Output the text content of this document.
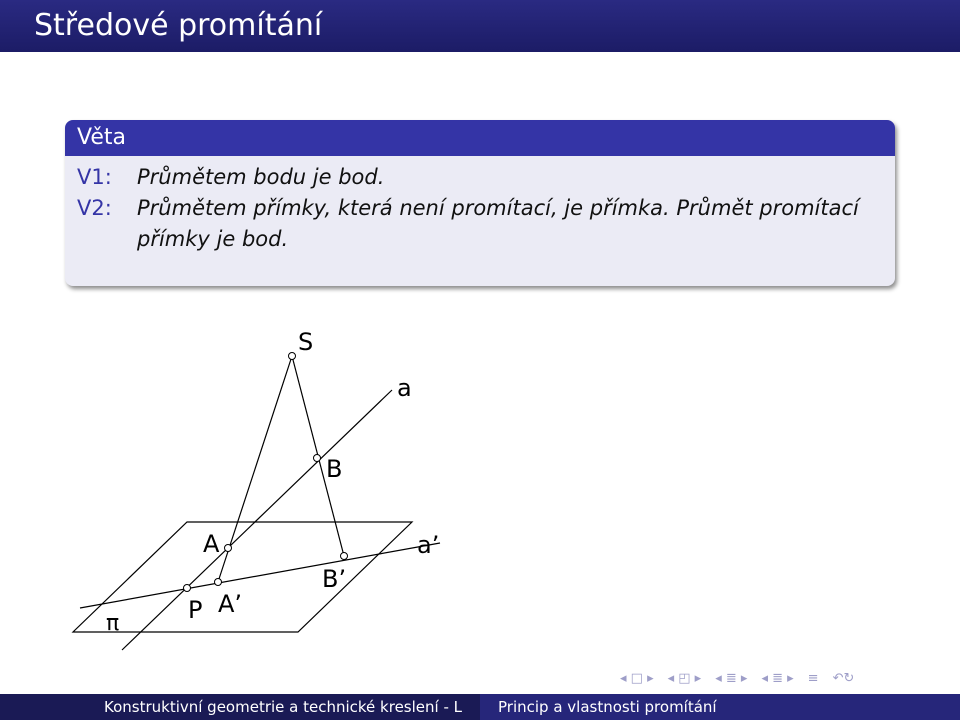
Středové promítání
Věta
V1:	Průmětem bodu je bod.
V2:	Průmětem přímky, která není promítací, je přímka. Průmět promítací přímky je bod.
S
a
B
A	a’
B’
P A’
π
◂ □ ▸ ◂ ◰ ▸ ◂ ≣ ▸ ◂ ≣ ▸ ≡ ↶↻
Konstruktivní geometrie a technické kreslení - L	Princip a vlastnosti promítání
